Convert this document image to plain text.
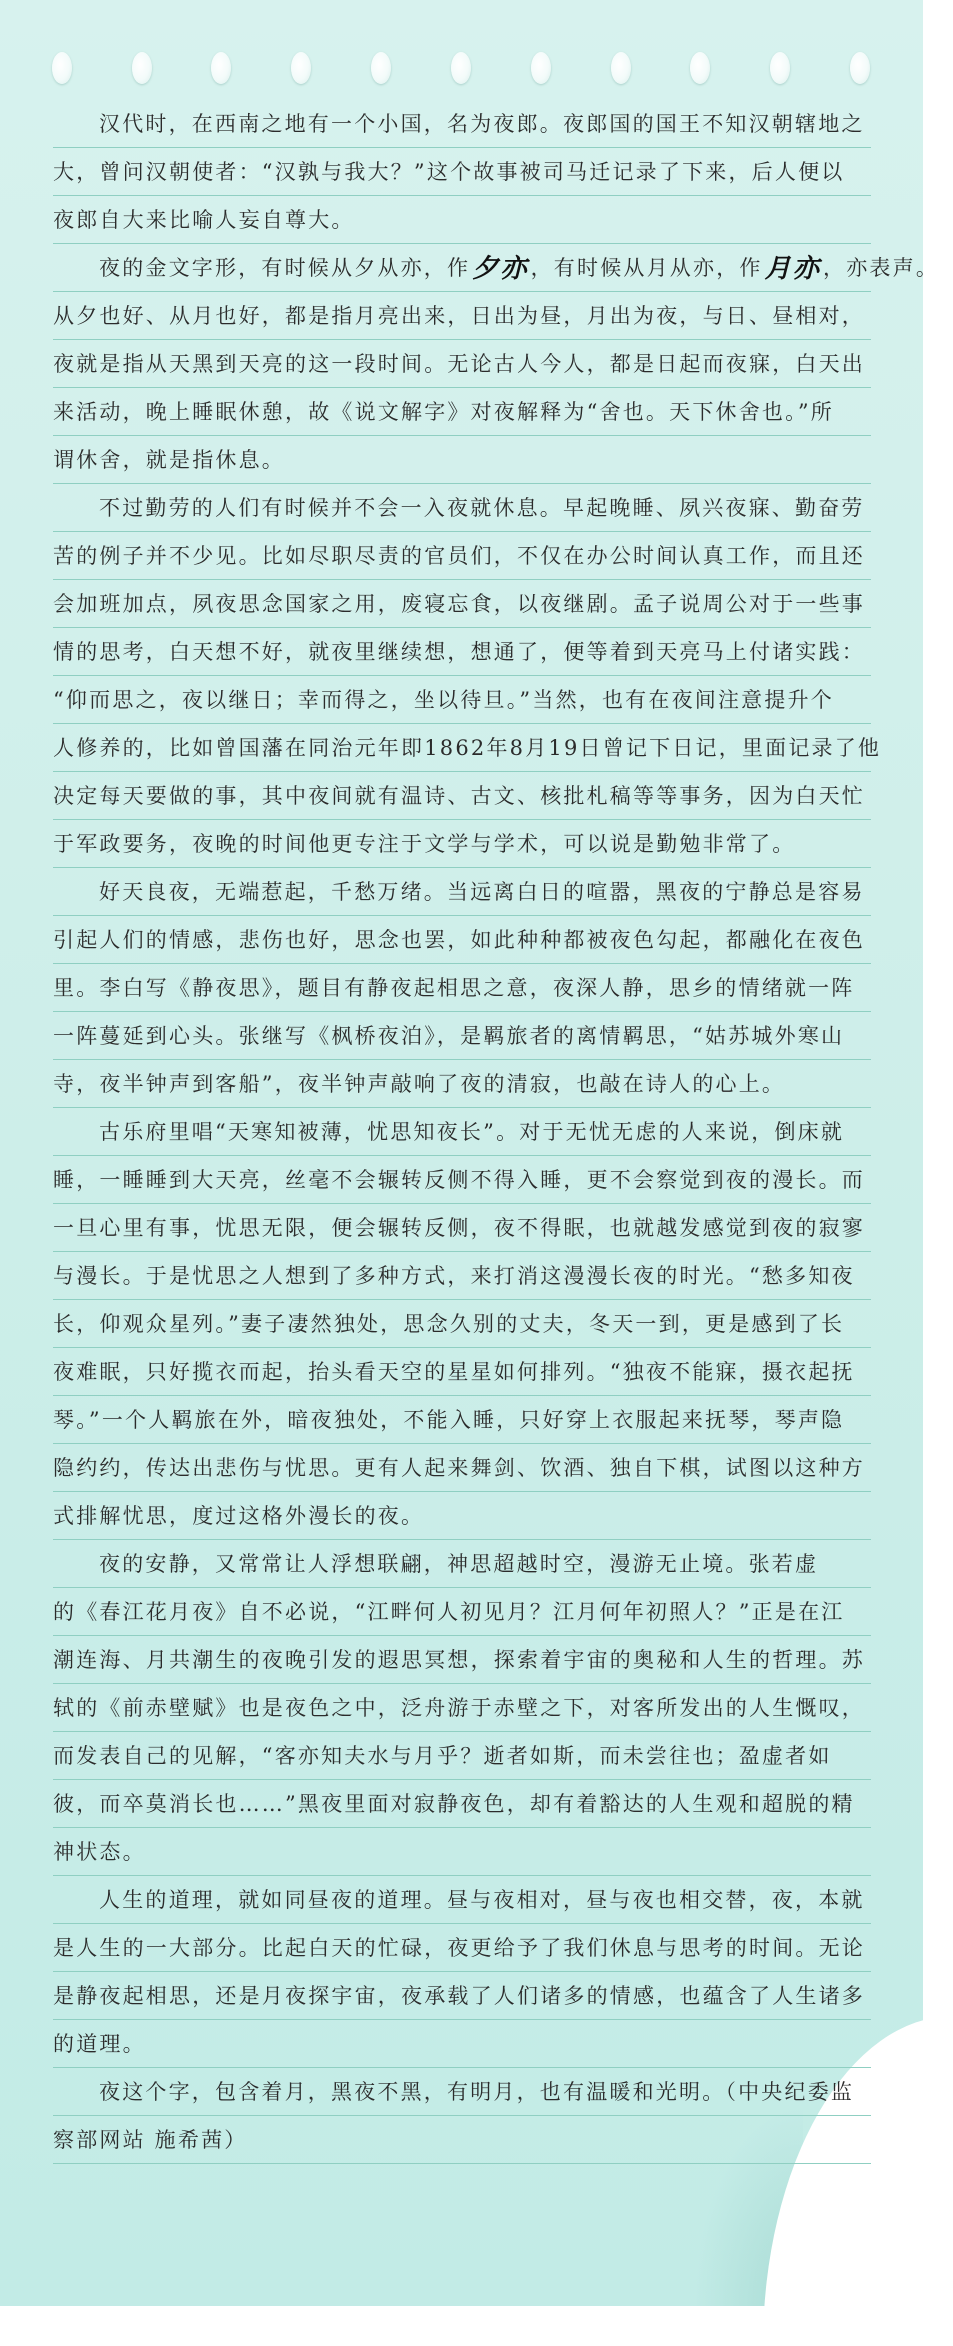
汉代时，在西南之地有一个小国，名为夜郎。夜郎国的国王不知汉朝辖地之
大，曾问汉朝使者：“汉孰与我大？”这个故事被司马迁记录了下来，后人便以
夜郎自大来比喻人妄自尊大。
夜的金文字形，有时候从夕从亦，作夕亦，有时候从月从亦，作月亦，亦表声。
从夕也好、从月也好，都是指月亮出来，日出为昼，月出为夜，与日、昼相对，
夜就是指从天黑到天亮的这一段时间。无论古人今人，都是日起而夜寐，白天出
来活动，晚上睡眠休憩，故《说文解字》对夜解释为“舍也。天下休舍也。”所
谓休舍，就是指休息。
不过勤劳的人们有时候并不会一入夜就休息。早起晚睡、夙兴夜寐、勤奋劳
苦的例子并不少见。比如尽职尽责的官员们，不仅在办公时间认真工作，而且还
会加班加点，夙夜思念国家之用，废寝忘食，以夜继剧。孟子说周公对于一些事
情的思考，白天想不好，就夜里继续想，想通了，便等着到天亮马上付诸实践：
“仰而思之，夜以继日；幸而得之，坐以待旦。”当然，也有在夜间注意提升个
人修养的，比如曾国藩在同治元年即1862年8月19日曾记下日记，里面记录了他
决定每天要做的事，其中夜间就有温诗、古文、核批札稿等等事务，因为白天忙
于军政要务，夜晚的时间他更专注于文学与学术，可以说是勤勉非常了。
好天良夜，无端惹起，千愁万绪。当远离白日的喧嚣，黑夜的宁静总是容易
引起人们的情感，悲伤也好，思念也罢，如此种种都被夜色勾起，都融化在夜色
里。李白写《静夜思》，题目有静夜起相思之意，夜深人静，思乡的情绪就一阵
一阵蔓延到心头。张继写《枫桥夜泊》，是羁旅者的离情羁思，“姑苏城外寒山
寺，夜半钟声到客船”，夜半钟声敲响了夜的清寂，也敲在诗人的心上。
古乐府里唱“天寒知被薄，忧思知夜长”。对于无忧无虑的人来说，倒床就
睡，一睡睡到大天亮，丝毫不会辗转反侧不得入睡，更不会察觉到夜的漫长。而
一旦心里有事，忧思无限，便会辗转反侧，夜不得眠，也就越发感觉到夜的寂寥
与漫长。于是忧思之人想到了多种方式，来打消这漫漫长夜的时光。“愁多知夜
长，仰观众星列。”妻子凄然独处，思念久别的丈夫，冬天一到，更是感到了长
夜难眠，只好揽衣而起，抬头看天空的星星如何排列。“独夜不能寐，摄衣起抚
琴。”一个人羁旅在外，暗夜独处，不能入睡，只好穿上衣服起来抚琴，琴声隐
隐约约，传达出悲伤与忧思。更有人起来舞剑、饮酒、独自下棋，试图以这种方
式排解忧思，度过这格外漫长的夜。
夜的安静，又常常让人浮想联翩，神思超越时空，漫游无止境。张若虚
的《春江花月夜》自不必说，“江畔何人初见月？江月何年初照人？”正是在江
潮连海、月共潮生的夜晚引发的遐思冥想，探索着宇宙的奥秘和人生的哲理。苏
轼的《前赤壁赋》也是夜色之中，泛舟游于赤壁之下，对客所发出的人生慨叹，
而发表自己的见解，“客亦知夫水与月乎？逝者如斯，而未尝往也；盈虚者如
彼，而卒莫消长也……”黑夜里面对寂静夜色，却有着豁达的人生观和超脱的精
神状态。
人生的道理，就如同昼夜的道理。昼与夜相对，昼与夜也相交替，夜，本就
是人生的一大部分。比起白天的忙碌，夜更给予了我们休息与思考的时间。无论
是静夜起相思，还是月夜探宇宙，夜承载了人们诸多的情感，也蕴含了人生诸多
的道理。
夜这个字，包含着月，黑夜不黑，有明月，也有温暖和光明。（中央纪委监
察部网站 施希茜）
